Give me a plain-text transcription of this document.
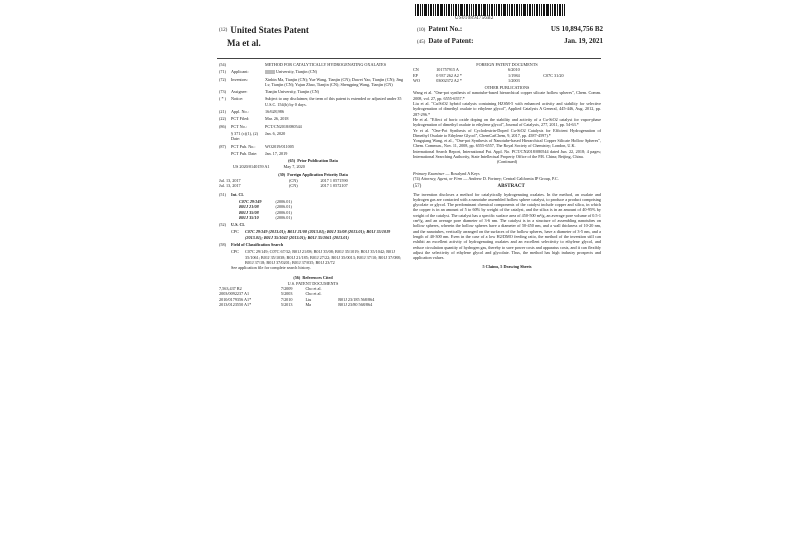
US010894756B2
(12) United States Patent
Ma et al.
(10) Patent No.:	US 10,894,756 B2
(45) Date of Patent:	Jan. 19, 2021
(54)	METHOD FOR CATALYTICALLY HYDROGENATING OXALATES
(71)	Applicant:	University, Tianjin (CN)
(72)	Inventors:	Xinbin Ma, Tianjin (CN); Yue Wang, Tianjin (CN); Dawei Yao, Tianjin (CN); Jing Lv, Tianjin (CN); Yujun Zhao, Tianjin (CN); Shengping Wang, Tianjin (CN)
(73)	Assignee:	Tianjin University, Tianjin (CN)
( * )	Notice:	Subject to any disclaimer, the term of this patent is extended or adjusted under 35 U.S.C. 154(b) by 0 days.
(21)	Appl. No.:	16/628,986
(22)	PCT Filed:	Mar. 26, 2018
(86)	PCT No.:	PCT/CN2018/080544
§ 371 (c)(1), (2) Date:
Jan. 6, 2020
(87)	PCT Pub. No.:	WO2019/011005
PCT Pub. Date:	Jan. 17, 2019
(65) Prior Publication Data
US 2020/0140159 A1	May 7, 2020
(30) Foreign Application Priority Data
Jul. 13, 2017	(CN)	2017 1 0571590
Jul. 13, 2017	(CN)	2017 1 0572107
(51)	Int. Cl.
C07C 29/149	(2006.01)
B01J 21/08	(2006.01)
B01J 35/08	(2006.01)
B01J 35/10	(2006.01)
(52)	U.S. Cl.
CPC	C07C 29/149 (2013.01); B01J 21/08 (2013.01); B01J 35/08 (2013.01); B01J 35/1019 (2013.01); B01J 35/1042 (2013.01); B01J 35/1061 (2013.01)
(58)	Field of Classification Search
CPC	C07C 29/149; C07C 67/32; B01J 21/08; B01J 35/08; B01J 35/1019; B01J 35/1042; B01J 35/1061; B01J 35/1038; B01J 21/185; B01J 27/22; B01J 35/0013; B01J 37/10; B01J 37/088; B01J 37/18; B01J 37/0201; B01J 37/035; B01J 23/72
See application file for complete search history.
(56) References Cited
U.S. PATENT DOCUMENTS
7,563,437 B2	7/2009	Cho et al.	
2003/0092237 A1	5/2003	Cho et al.	
2010/0179356 A1*	7/2010	Liu	B01J 23/185 568/864
2013/0123550 A1*	5/2013	Ma	B01J 23/80 568/864
FOREIGN PATENT DOCUMENTS
CN	101757915 A	6/2010	
EP	0 937 262 A2 *	1/1984	C07C 31/20
WO	03002372 A2 *	1/2003	
OTHER PUBLICATIONS
Wang et al. "One-pot synthesis of nanotube-based hierarchical copper silicate hollow spheres", Chem. Comm. 2008, vol. 27, pp. 6555-6557.*
Liu et al. "Cu/SiO2 hybrid catalysts containing HZSM-5 with enhanced activity and stability for selective hydrogenation of dimethyl oxalate to ethylene glycol", Applied Catalysis A General, 445-446, Aug. 2012, pp. 287-296.*
He et al. "Effect of boric oxide doping on the stability and activity of a Cu-SiO2 catalyst for vapor-phase hydrogenation of dimethyl oxalate to ethylene glycol", Journal of Catalysis, 277, 2011, pp. 54-63.*
Ye et al. "One-Pot Synthesis of Cyclodextrin-Doped Cu-SiO2 Catalysts for Efficient Hydrogenation of Dimethyl Oxalate to Ethylene Glycol", ChemCatChem, 9, 2017, pp. 4587-4597).*
Yongqiang Wang, et al., "One-pot Synthesis of Nanotube-based Hierarchical Copper Silicate Hollow Spheres", Chem. Commun., Nov. 11, 2008, pp. 6555-6557, The Royal Society of Chemistry; London, U.K.
International Search Report, International Pat. Appl. No. PCT/CN2018/080544 dated Jun. 22, 2018; 4 pages; International Searching Authority, State Intellectual Property Office of the P.R. China; Beijing, China.
(Continued)
Primary Examiner — Rosalynd A Keys
(74) Attorney, Agent, or Firm — Andrew D. Fortney; Central California IP Group, P.C.
(57)	ABSTRACT
The invention discloses a method for catalytically hydrogenating oxalates. In the method, an oxalate and hydrogen gas are contacted with a nanotube assembled hollow sphere catalyst, to produce a product comprising glycolate or glycol. The predominant chemical components of the catalyst include copper and silica, in which the copper is in an amount of 5 to 60% by weight of the catalyst, and the silica is in an amount of 40-95% by weight of the catalyst. The catalyst has a specific surface area of 450-500 m²/g, an average pore volume of 0.5-1 cm³/g, and an average pore diameter of 3-6 nm. The catalyst is in a structure of assembling nanotubes on hollow spheres, wherein the hollow spheres have a diameter of 50-450 nm, and a wall thickness of 10-20 nm, and the nanotubes, vertically arranged on the surfaces of the hollow spheres, have a diameter of 3-5 nm, and a length of 40-300 nm. Even in the case of a low H2/DMO feeding ratio, the method of the invention still can exhibit an excellent activity of hydrogenating oxalates and an excellent selectivity to ethylene glycol, and reduce circulation quantity of hydrogen gas, thereby to save power costs and apparatus costs, and it can flexibly adjust the selectivity of ethylene glycol and glycolate. Thus, the method has high industry prospects and application values.
5 Claims, 5 Drawing Sheets
